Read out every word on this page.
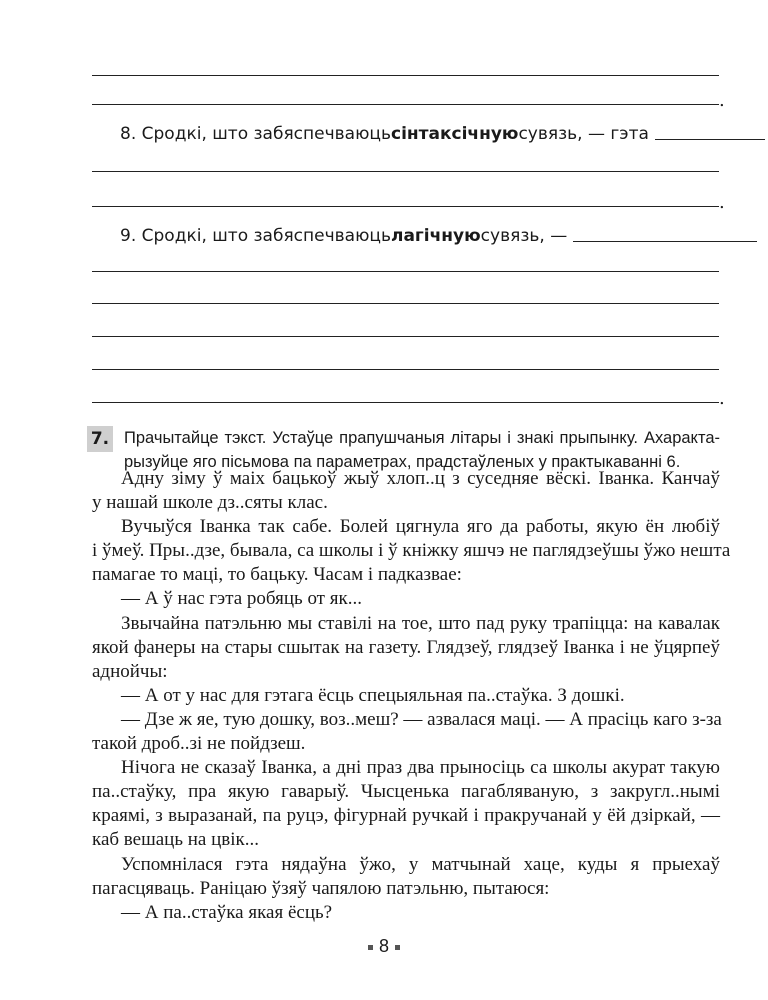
.
8.
Сродкі, што забяспечваюць сінтаксічную сувязь, — гэта
.
9.
Сродкі, што забяспечваюць лагічную сувязь, —
.
7. Прачытайце тэкст. Устаўце прапушчаныя літары і знакі прыпынку. Ахаракта-
рызуйце яго пісьмова па параметрах, прадстаўленых у практыкаванні 6.
Адну зіму ў маіх бацькоў жыў хлоп..ц з суседняе вёскі. Іванка. Канчаў
у нашай школе дз..сяты клас.
Вучыўся Іванка так сабе. Болей цягнула яго да работы, якую ён любіў
і ўмеў. Пры..дзе, бывала, са школы і ў кніжку яшчэ не паглядзеўшы ўжо нешта
памагае то маці, то бацьку. Часам і падказвае:
— А ў нас гэта робяць от як...
Звычайна патэльню мы ставілі на тое, што пад руку трапіцца: на кавалак
якой фанеры на стары сшытак на газету. Глядзеў, глядзеў Іванка і не ўцярпеў
аднойчы:
— А от у нас для гэтага ёсць спецыяльная па..стаўка. З дошкі.
— Дзе ж яе, тую дошку, воз..меш? — азвалася маці. — А прасіць каго з-за
такой дроб..зі не пойдзеш.
Нічога не сказаў Іванка, а дні праз два прыносіць са школы акурат такую
па..стаўку, пра якую гаварыў. Чысценька пагабляваную, з закругл..нымі
краямі, з выразанай, па руцэ, фігурнай ручкай і пракручанай у ёй дзіркай, —
каб вешаць на цвік...
Успомнілася гэта нядаўна ўжо, у матчынай хаце, куды я прыехаў
пагасцяваць. Раніцаю ўзяў чапялою патэльню, пытаюся:
— А па..стаўка якая ёсць?
8
